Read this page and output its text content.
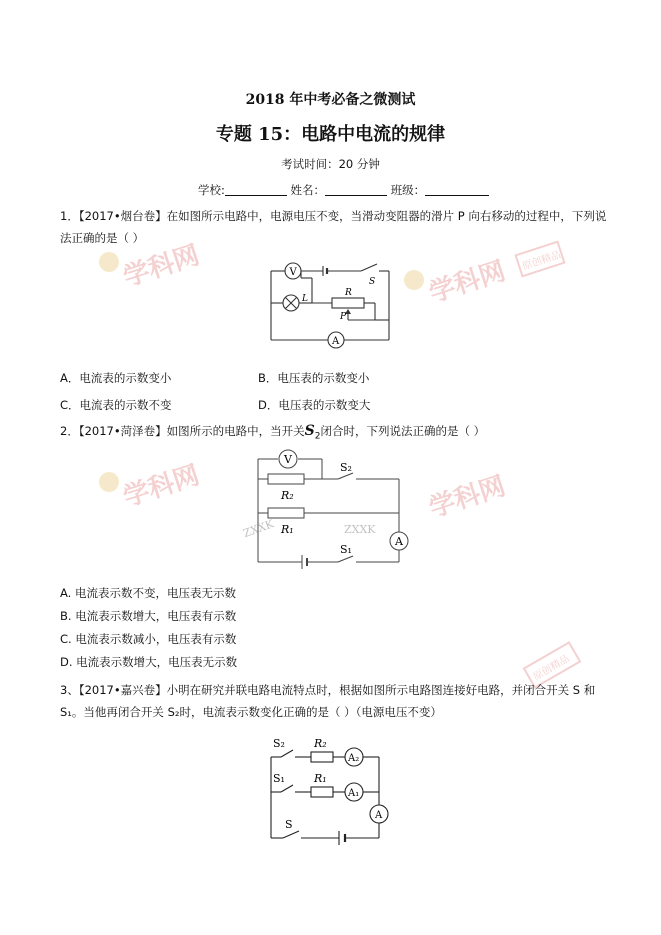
学科网
学科网
学科网 原创精品
学科网
原创精品
2018 年中考必备之微测试
专题 15：电路中电流的规律
考试时间：20 分钟
学校:	姓名：	班级：
1．【2017•烟台卷】在如图所示电路中，电源电压不变，当滑动变阻器的滑片 P 向右移动的过程中，下列说
法正确的是（ ）
V
A
S
L
R
P
A．电流表的示数变小	B．电压表的示数变小
C．电流表的示数不变	D．电压表的示数变大
2．【2017•菏泽卷】如图所示的电路中，当开关$S_2$闭合时，下列说法正确的是（ ）
V
A
S₂
R₂
R₁
S₁
ZXXK	ZXXK
A. 电流表示数不变，电压表无示数
B. 电流表示数增大，电压表有示数
C. 电流表示数减小，电压表有示数
D. 电流表示数增大，电压表无示数
3、【2017•嘉兴卷】小明在研究并联电路电流特点时，根据如图所示电路图连接好电路，并闭合开关 S 和
S₁。当他再闭合开关 S₂时，电流表示数变化正确的是（ ）（电源电压不变）
A₂
A₁
A
S₂	R₂
S₁	R₁
S
